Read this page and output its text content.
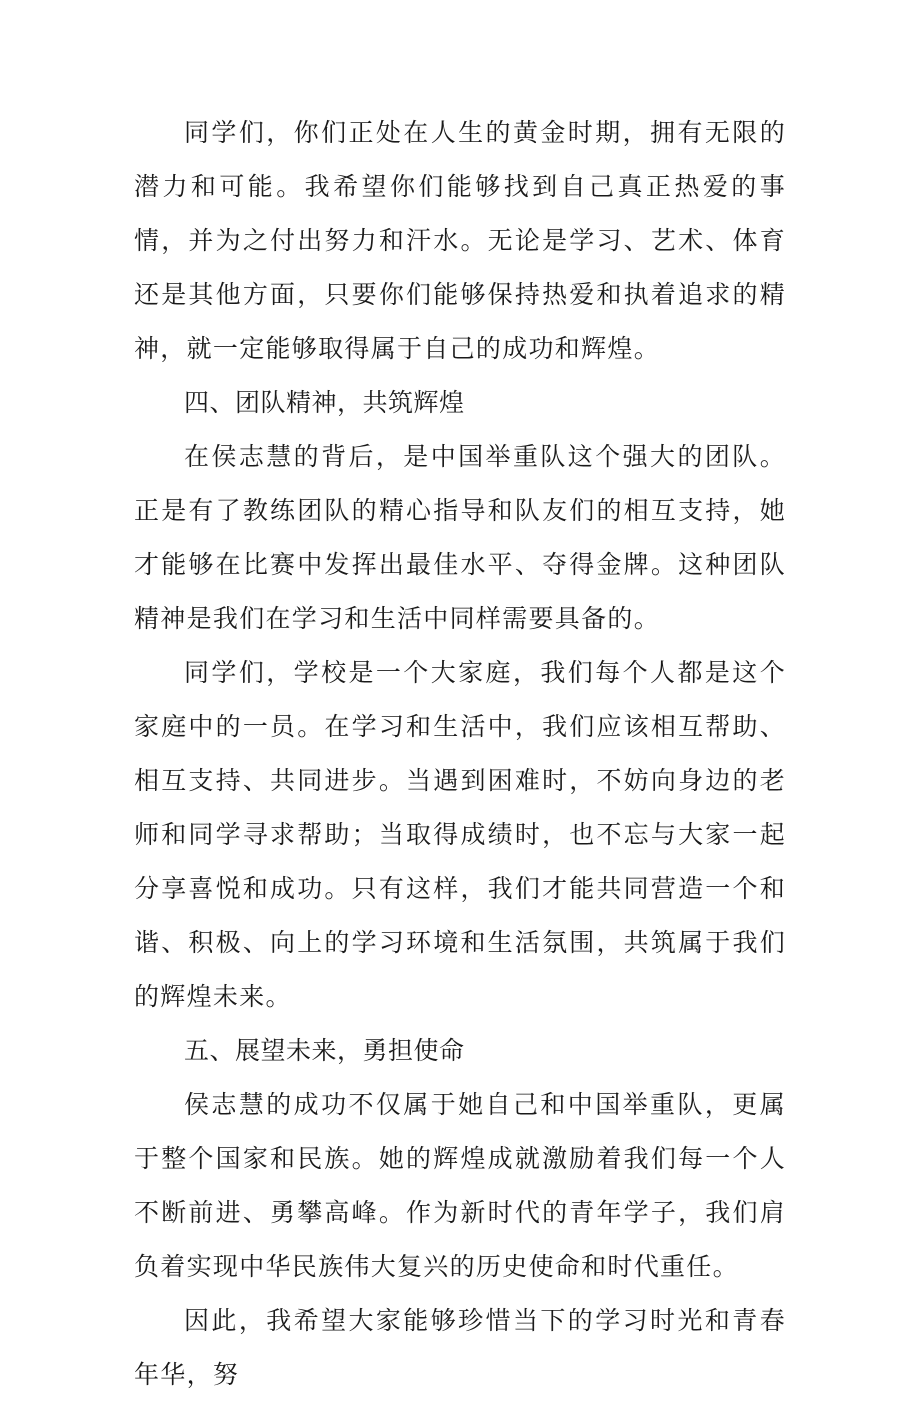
同学们，你们正处在人生的黄金时期，拥有无限的潜力和可能。我希望你们能够找到自己真正热爱的事情，并为之付出努力和汗水。无论是学习、艺术、体育还是其他方面，只要你们能够保持热爱和执着追求的精神，就一定能够取得属于自己的成功和辉煌。

四、团队精神，共筑辉煌

在侯志慧的背后，是中国举重队这个强大的团队。正是有了教练团队的精心指导和队友们的相互支持，她才能够在比赛中发挥出最佳水平、夺得金牌。这种团队精神是我们在学习和生活中同样需要具备的。

同学们，学校是一个大家庭，我们每个人都是这个家庭中的一员。在学习和生活中，我们应该相互帮助、相互支持、共同进步。当遇到困难时，不妨向身边的老师和同学寻求帮助；当取得成绩时，也不忘与大家一起分享喜悦和成功。只有这样，我们才能共同营造一个和谐、积极、向上的学习环境和生活氛围，共筑属于我们的辉煌未来。

五、展望未来，勇担使命

侯志慧的成功不仅属于她自己和中国举重队，更属于整个国家和民族。她的辉煌成就激励着我们每一个人不断前进、勇攀高峰。作为新时代的青年学子，我们肩负着实现中华民族伟大复兴的历史使命和时代重任。

因此，我希望大家能够珍惜当下的学习时光和青春年华，努
